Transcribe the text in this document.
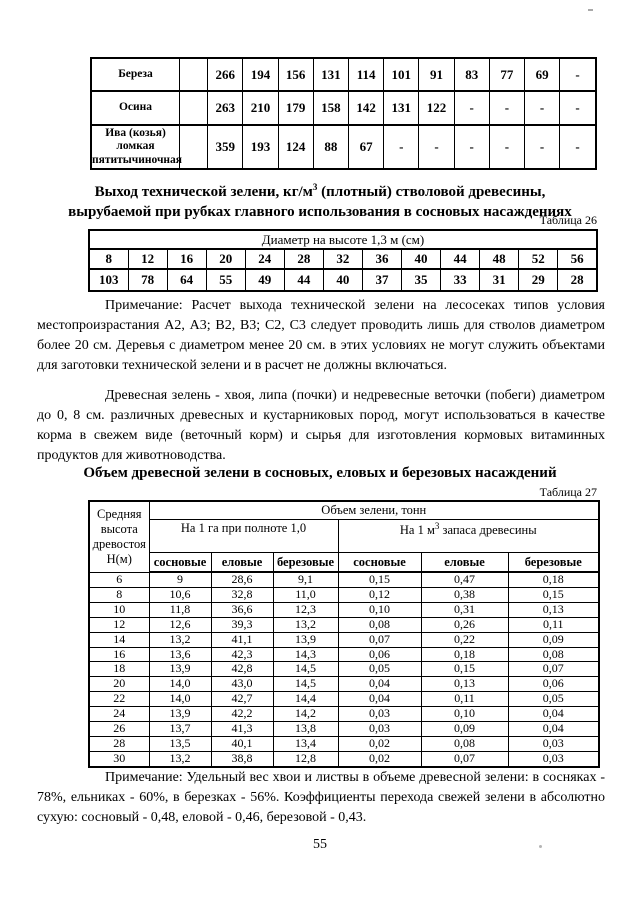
Береза		266	194	156	131	114	101	91	83	77	69	-
Осина		263	210	179	158	142	131	122	-	-	-	-
Ива (козья) ломкая пятитычиночная		359	193	124	88	67	-	-	-	-	-	-
Выход технической зелени, $кг/м^3$ (плотный) стволовой древесины,
вырубаемой при рубках главного использования в сосновых насаждениях
Таблица 26
Диаметр на высоте 1,3 м (см)												
8	12	16	20	24	28	32	36	40	44	48	52	56
103	78	64	55	49	44	40	37	35	33	31	29	28
Примечание: Расчет выхода технической зелени на лесосеках типов условия местопроизрастания А2, А3; В2, В3; С2, С3 следует проводить лишь для стволов диаметром более 20 см. Деревья с диаметром менее 20 см. в этих условиях не могут служить объектами для заготовки технической зелени и в расчет не должны включаться.
Древесная зелень - хвоя, липа (почки) и недревесные веточки (побеги) диаметром до 0, 8 см. различных древесных и кустарниковых пород, могут использоваться в качестве корма в свежем виде (веточный корм) и сырья для изготовления кормовых витаминных продуктов для животноводства.
Объем древесной зелени в сосновых, еловых и березовых насаждений
Таблица 27
Средняя высота древостоя Н(м)	Объем зелени, тонн					
	На 1 га при полноте 1,0			На 1 $м^3$ запаса древесины		
	сосновые	еловые	березовые	сосновые	еловые	березовые
6	9	28,6	9,1	0,15	0,47	0,18
8	10,6	32,8	11,0	0,12	0,38	0,15
10	11,8	36,6	12,3	0,10	0,31	0,13
12	12,6	39,3	13,2	0,08	0,26	0,11
14	13,2	41,1	13,9	0,07	0,22	0,09
16	13,6	42,3	14,3	0,06	0,18	0,08
18	13,9	42,8	14,5	0,05	0,15	0,07
20	14,0	43,0	14,5	0,04	0,13	0,06
22	14,0	42,7	14,4	0,04	0,11	0,05
24	13,9	42,2	14,2	0,03	0,10	0,04
26	13,7	41,3	13,8	0,03	0,09	0,04
28	13,5	40,1	13,4	0,02	0,08	0,03
30	13,2	38,8	12,8	0,02	0,07	0,03
Примечание: Удельный вес хвои и листвы в объеме древесной зелени: в сосняках - 78%, ельниках - 60%, в березках - 56%. Коэффициенты перехода свежей зелени в абсолютно сухую: сосновый - 0,48, еловой - 0,46, березовой - 0,43.
55
